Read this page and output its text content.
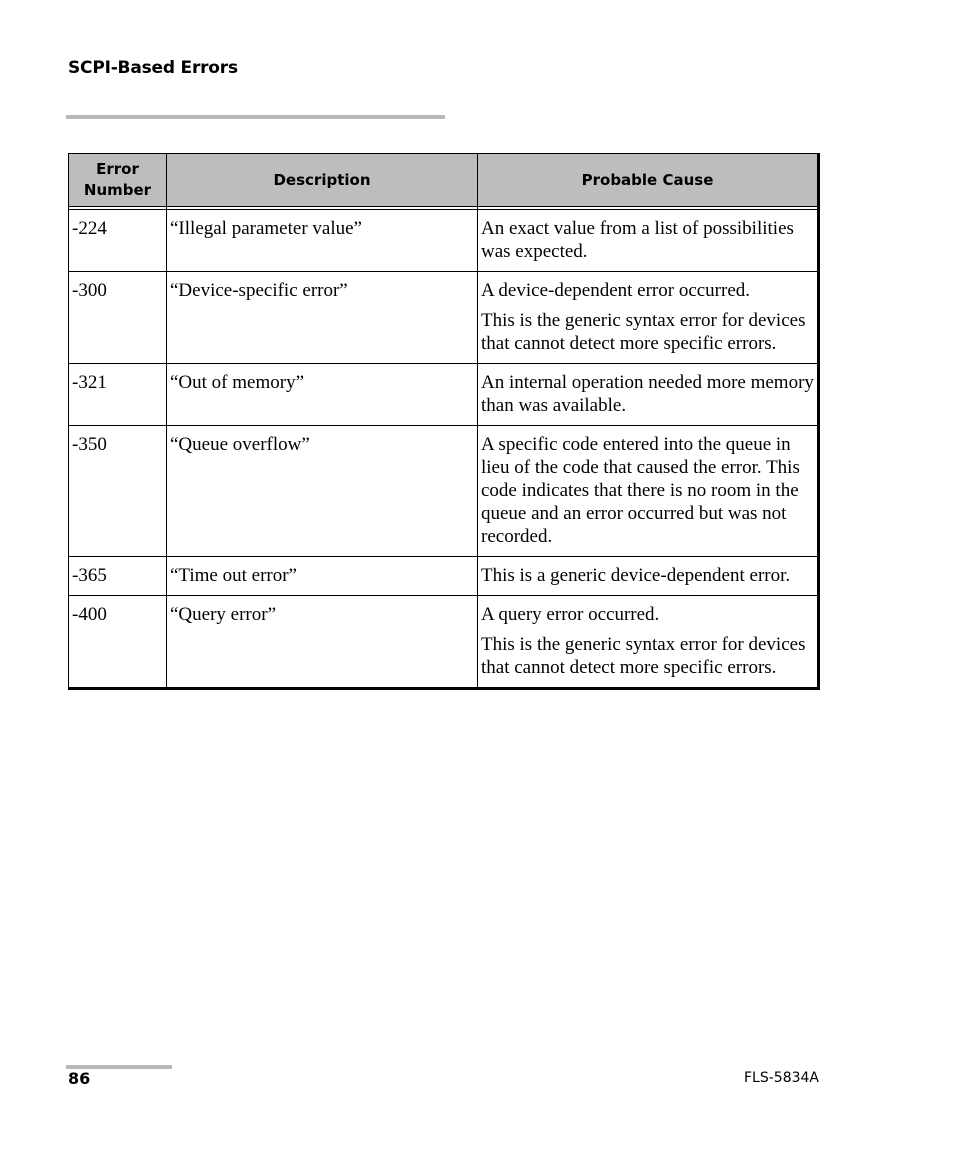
SCPI-Based Errors
Error Number	Description	Probable Cause

-224	“Illegal parameter value”	An exact value from a list of possibilities was expected.

-300	“Device-specific error”	A device-dependent error occurred.

This is the generic syntax error for devices that cannot detect more specific errors.

-321	“Out of memory”	An internal operation needed more memory than was available.

-350	“Queue overflow”	A specific code entered into the queue in lieu of the code that caused the error. This code indicates that there is no room in the queue and an error occurred but was not recorded.

-365	“Time out error”	This is a generic device-dependent error.

-400	“Query error”	A query error occurred.

This is the generic syntax error for devices that cannot detect more specific errors.

86	FLS-5834A
